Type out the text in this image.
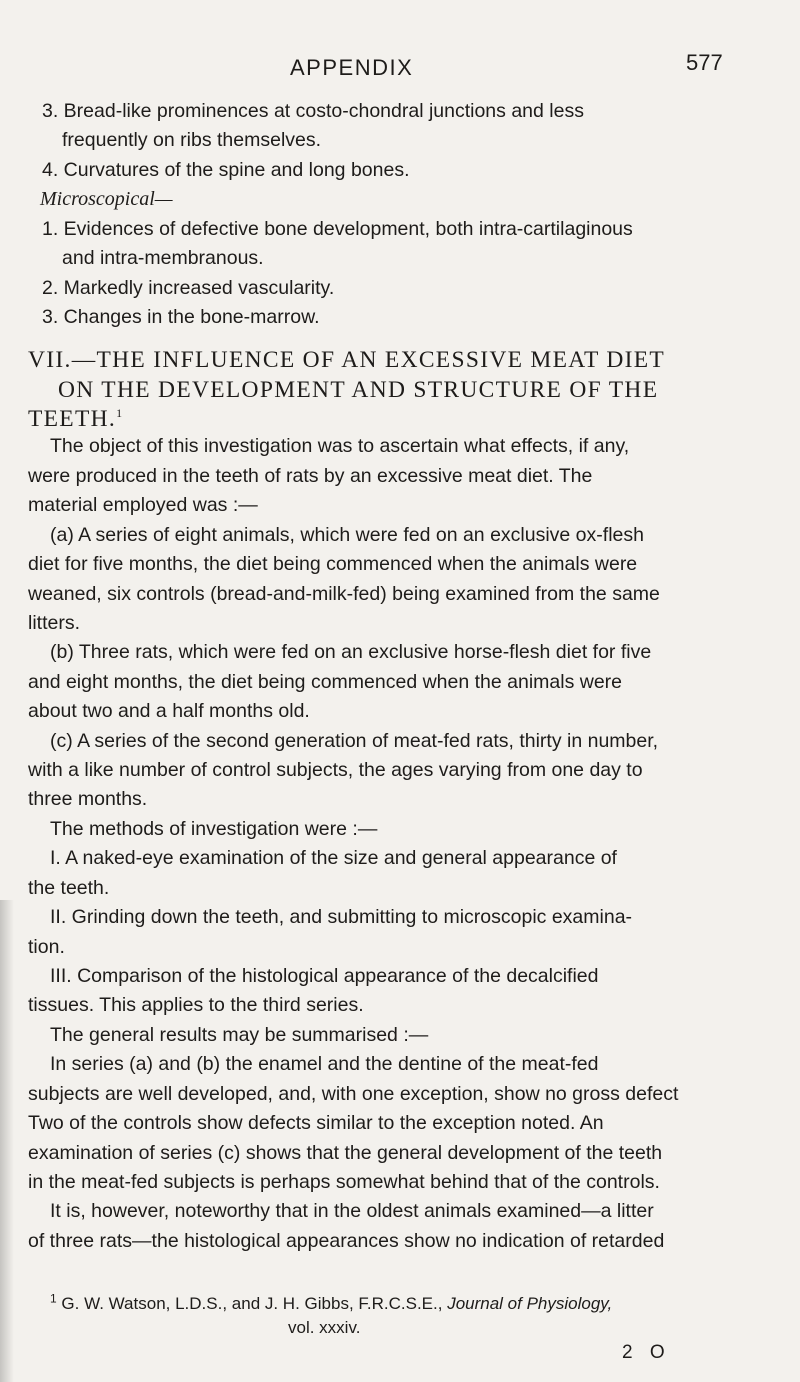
APPENDIX	577
3. Bread-like prominences at costo-chondral junctions and less
frequently on ribs themselves.
4. Curvatures of the spine and long bones.
Microscopical—
1. Evidences of defective bone development, both intra-cartilaginous
and intra-membranous.
2. Markedly increased vascularity.
3. Changes in the bone-marrow.
VII.—THE INFLUENCE OF AN EXCESSIVE MEAT DIET
ON THE DEVELOPMENT AND STRUCTURE OF THE
TEETH.$^1$
The object of this investigation was to ascertain what effects, if any,
were produced in the teeth of rats by an excessive meat diet. The
material employed was :—
(a) A series of eight animals, which were fed on an exclusive ox-flesh
diet for five months, the diet being commenced when the animals were
weaned, six controls (bread-and-milk-fed) being examined from the same
litters.
(b) Three rats, which were fed on an exclusive horse-flesh diet for five
and eight months, the diet being commenced when the animals were
about two and a half months old.
(c) A series of the second generation of meat-fed rats, thirty in number,
with a like number of control subjects, the ages varying from one day to
three months.
The methods of investigation were :—
I. A naked-eye examination of the size and general appearance of
the teeth.
II. Grinding down the teeth, and submitting to microscopic examina-
tion.
III. Comparison of the histological appearance of the decalcified
tissues. This applies to the third series.
The general results may be summarised :—
In series (a) and (b) the enamel and the dentine of the meat-fed
subjects are well developed, and, with one exception, show no gross defect
Two of the controls show defects similar to the exception noted. An
examination of series (c) shows that the general development of the teeth
in the meat-fed subjects is perhaps somewhat behind that of the controls.
It is, however, noteworthy that in the oldest animals examined—a litter
of three rats—the histological appearances show no indication of retarded
$^1$ G. W. Watson, L.D.S., and J. H. Gibbs, F.R.C.S.E., Journal of Physiology,
vol. xxxiv.
2 O
